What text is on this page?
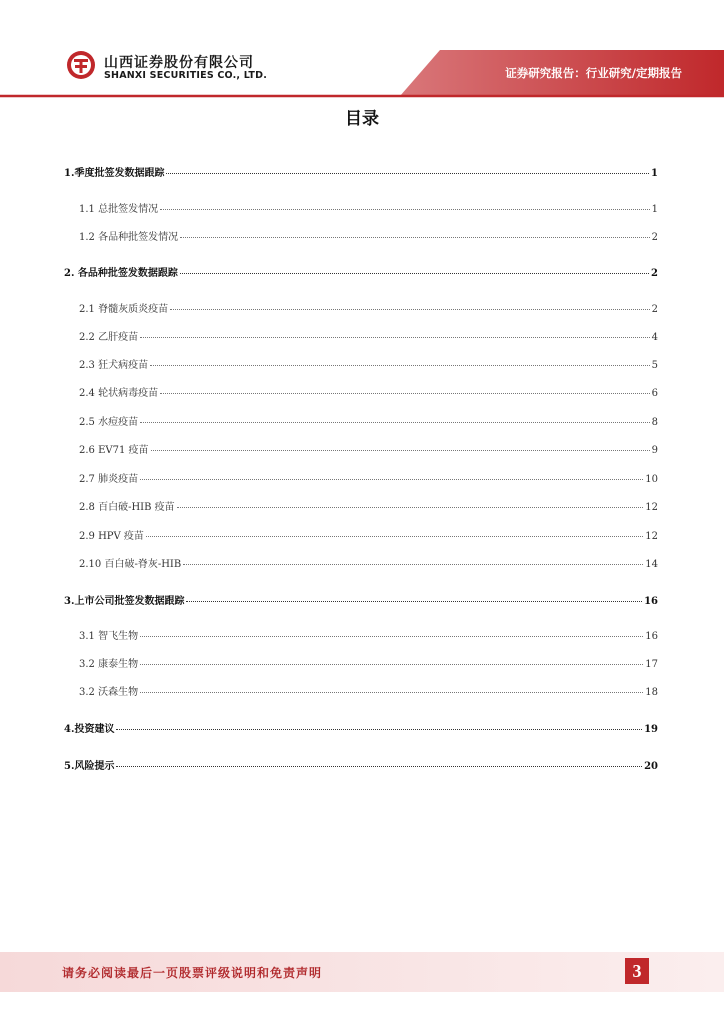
山西证券股份有限公司
SHANXI SECURITIES CO., LTD.	证券研究报告：行业研究/定期报告
目录
1.季度批签发数据跟踪	1
1.1 总批签发情况	1
1.2 各品种批签发情况	2
2. 各品种批签发数据跟踪	2
2.1 脊髓灰质炎疫苗	2
2.2 乙肝疫苗	4
2.3 狂犬病疫苗	5
2.4 轮状病毒疫苗	6
2.5 水痘疫苗	8
2.6 EV71 疫苗	9
2.7 肺炎疫苗	10
2.8 百白破-HIB 疫苗	12
2.9 HPV 疫苗	12
2.10 百白破-脊灰-HIB	14
3.上市公司批签发数据跟踪	16
3.1 智飞生物	16
3.2 康泰生物	17
3.2 沃森生物	18
4.投资建议	19
5.风险提示	20
请务必阅读最后一页股票评级说明和免责声明	3
